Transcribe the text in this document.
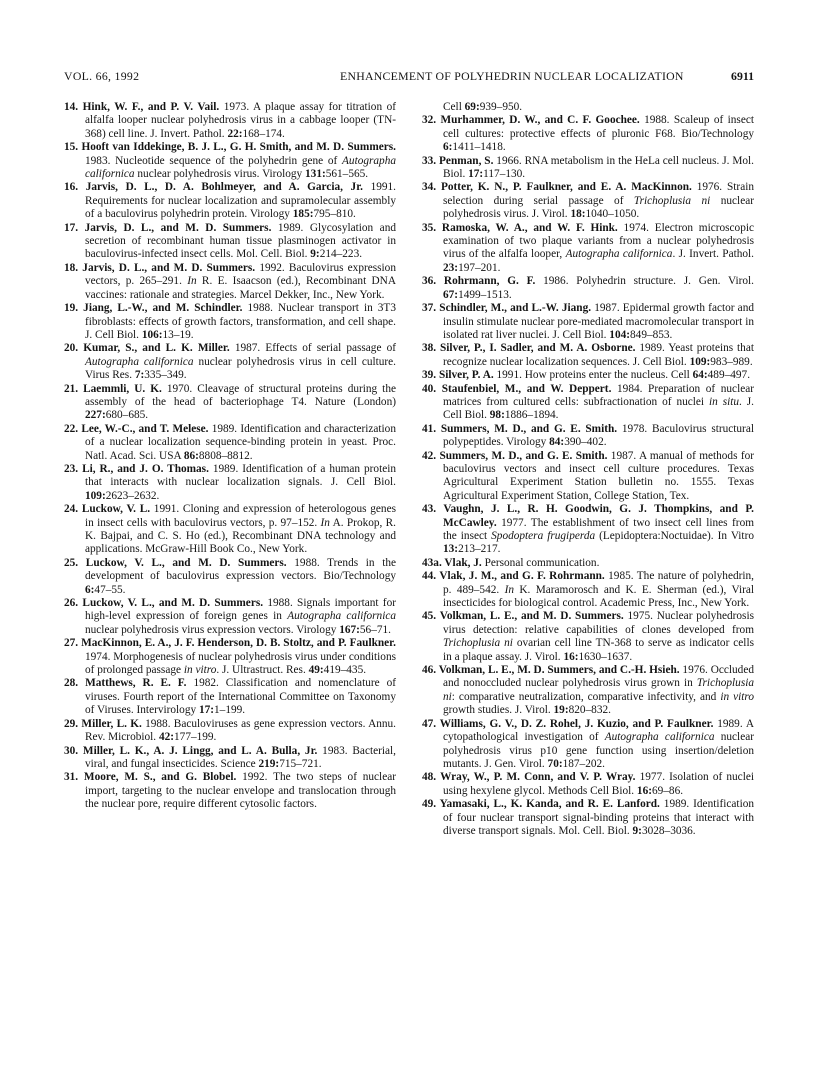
VOL. 66, 1992	ENHANCEMENT OF POLYHEDRIN NUCLEAR LOCALIZATION	6911
14. Hink, W. F., and P. V. Vail. 1973. A plaque assay for titration of alfalfa looper nuclear polyhedrosis virus in a cabbage looper (TN-368) cell line. J. Invert. Pathol. 22:168–174.
15. Hooft van Iddekinge, B. J. L., G. H. Smith, and M. D. Summers. 1983. Nucleotide sequence of the polyhedrin gene of Autographa californica nuclear polyhedrosis virus. Virology 131:561–565.
16. Jarvis, D. L., D. A. Bohlmeyer, and A. Garcia, Jr. 1991. Requirements for nuclear localization and supramolecular assembly of a baculovirus polyhedrin protein. Virology 185:795–810.
17. Jarvis, D. L., and M. D. Summers. 1989. Glycosylation and secretion of recombinant human tissue plasminogen activator in baculovirus-infected insect cells. Mol. Cell. Biol. 9:214–223.
18. Jarvis, D. L., and M. D. Summers. 1992. Baculovirus expression vectors, p. 265–291. In R. E. Isaacson (ed.), Recombinant DNA vaccines: rationale and strategies. Marcel Dekker, Inc., New York.
19. Jiang, L.-W., and M. Schindler. 1988. Nuclear transport in 3T3 fibroblasts: effects of growth factors, transformation, and cell shape. J. Cell Biol. 106:13–19.
20. Kumar, S., and L. K. Miller. 1987. Effects of serial passage of Autographa californica nuclear polyhedrosis virus in cell culture. Virus Res. 7:335–349.
21. Laemmli, U. K. 1970. Cleavage of structural proteins during the assembly of the head of bacteriophage T4. Nature (London) 227:680–685.
22. Lee, W.-C., and T. Melese. 1989. Identification and characterization of a nuclear localization sequence-binding protein in yeast. Proc. Natl. Acad. Sci. USA 86:8808–8812.
23. Li, R., and J. O. Thomas. 1989. Identification of a human protein that interacts with nuclear localization signals. J. Cell Biol. 109:2623–2632.
24. Luckow, V. L. 1991. Cloning and expression of heterologous genes in insect cells with baculovirus vectors, p. 97–152. In A. Prokop, R. K. Bajpai, and C. S. Ho (ed.), Recombinant DNA technology and applications. McGraw-Hill Book Co., New York.
25. Luckow, V. L., and M. D. Summers. 1988. Trends in the development of baculovirus expression vectors. Bio/Technology 6:47–55.
26. Luckow, V. L., and M. D. Summers. 1988. Signals important for high-level expression of foreign genes in Autographa californica nuclear polyhedrosis virus expression vectors. Virology 167:56–71.
27. MacKinnon, E. A., J. F. Henderson, D. B. Stoltz, and P. Faulkner. 1974. Morphogenesis of nuclear polyhedrosis virus under conditions of prolonged passage in vitro. J. Ultrastruct. Res. 49:419–435.
28. Matthews, R. E. F. 1982. Classification and nomenclature of viruses. Fourth report of the International Committee on Taxonomy of Viruses. Intervirology 17:1–199.
29. Miller, L. K. 1988. Baculoviruses as gene expression vectors. Annu. Rev. Microbiol. 42:177–199.
30. Miller, L. K., A. J. Lingg, and L. A. Bulla, Jr. 1983. Bacterial, viral, and fungal insecticides. Science 219:715–721.
31. Moore, M. S., and G. Blobel. 1992. The two steps of nuclear import, targeting to the nuclear envelope and translocation through the nuclear pore, require different cytosolic factors.
Cell 69:939–950.
32. Murhammer, D. W., and C. F. Goochee. 1988. Scaleup of insect cell cultures: protective effects of pluronic F68. Bio/Technology 6:1411–1418.
33. Penman, S. 1966. RNA metabolism in the HeLa cell nucleus. J. Mol. Biol. 17:117–130.
34. Potter, K. N., P. Faulkner, and E. A. MacKinnon. 1976. Strain selection during serial passage of Trichoplusia ni nuclear polyhedrosis virus. J. Virol. 18:1040–1050.
35. Ramoska, W. A., and W. F. Hink. 1974. Electron microscopic examination of two plaque variants from a nuclear polyhedrosis virus of the alfalfa looper, Autographa californica. J. Invert. Pathol. 23:197–201.
36. Rohrmann, G. F. 1986. Polyhedrin structure. J. Gen. Virol. 67:1499–1513.
37. Schindler, M., and L.-W. Jiang. 1987. Epidermal growth factor and insulin stimulate nuclear pore-mediated macromolecular transport in isolated rat liver nuclei. J. Cell Biol. 104:849–853.
38. Silver, P., I. Sadler, and M. A. Osborne. 1989. Yeast proteins that recognize nuclear localization sequences. J. Cell Biol. 109:983–989.
39. Silver, P. A. 1991. How proteins enter the nucleus. Cell 64:489–497.
40. Staufenbiel, M., and W. Deppert. 1984. Preparation of nuclear matrices from cultured cells: subfractionation of nuclei in situ. J. Cell Biol. 98:1886–1894.
41. Summers, M. D., and G. E. Smith. 1978. Baculovirus structural polypeptides. Virology 84:390–402.
42. Summers, M. D., and G. E. Smith. 1987. A manual of methods for baculovirus vectors and insect cell culture procedures. Texas Agricultural Experiment Station bulletin no. 1555. Texas Agricultural Experiment Station, College Station, Tex.
43. Vaughn, J. L., R. H. Goodwin, G. J. Thompkins, and P. McCawley. 1977. The establishment of two insect cell lines from the insect Spodoptera frugiperda (Lepidoptera:Noctuidae). In Vitro 13:213–217.
43a. Vlak, J. Personal communication.
44. Vlak, J. M., and G. F. Rohrmann. 1985. The nature of polyhedrin, p. 489–542. In K. Maramorosch and K. E. Sherman (ed.), Viral insecticides for biological control. Academic Press, Inc., New York.
45. Volkman, L. E., and M. D. Summers. 1975. Nuclear polyhedrosis virus detection: relative capabilities of clones developed from Trichoplusia ni ovarian cell line TN-368 to serve as indicator cells in a plaque assay. J. Virol. 16:1630–1637.
46. Volkman, L. E., M. D. Summers, and C.-H. Hsieh. 1976. Occluded and nonoccluded nuclear polyhedrosis virus grown in Trichoplusia ni: comparative neutralization, comparative infectivity, and in vitro growth studies. J. Virol. 19:820–832.
47. Williams, G. V., D. Z. Rohel, J. Kuzio, and P. Faulkner. 1989. A cytopathological investigation of Autographa californica nuclear polyhedrosis virus p10 gene function using insertion/deletion mutants. J. Gen. Virol. 70:187–202.
48. Wray, W., P. M. Conn, and V. P. Wray. 1977. Isolation of nuclei using hexylene glycol. Methods Cell Biol. 16:69–86.
49. Yamasaki, L., K. Kanda, and R. E. Lanford. 1989. Identification of four nuclear transport signal-binding proteins that interact with diverse transport signals. Mol. Cell. Biol. 9:3028–3036.
